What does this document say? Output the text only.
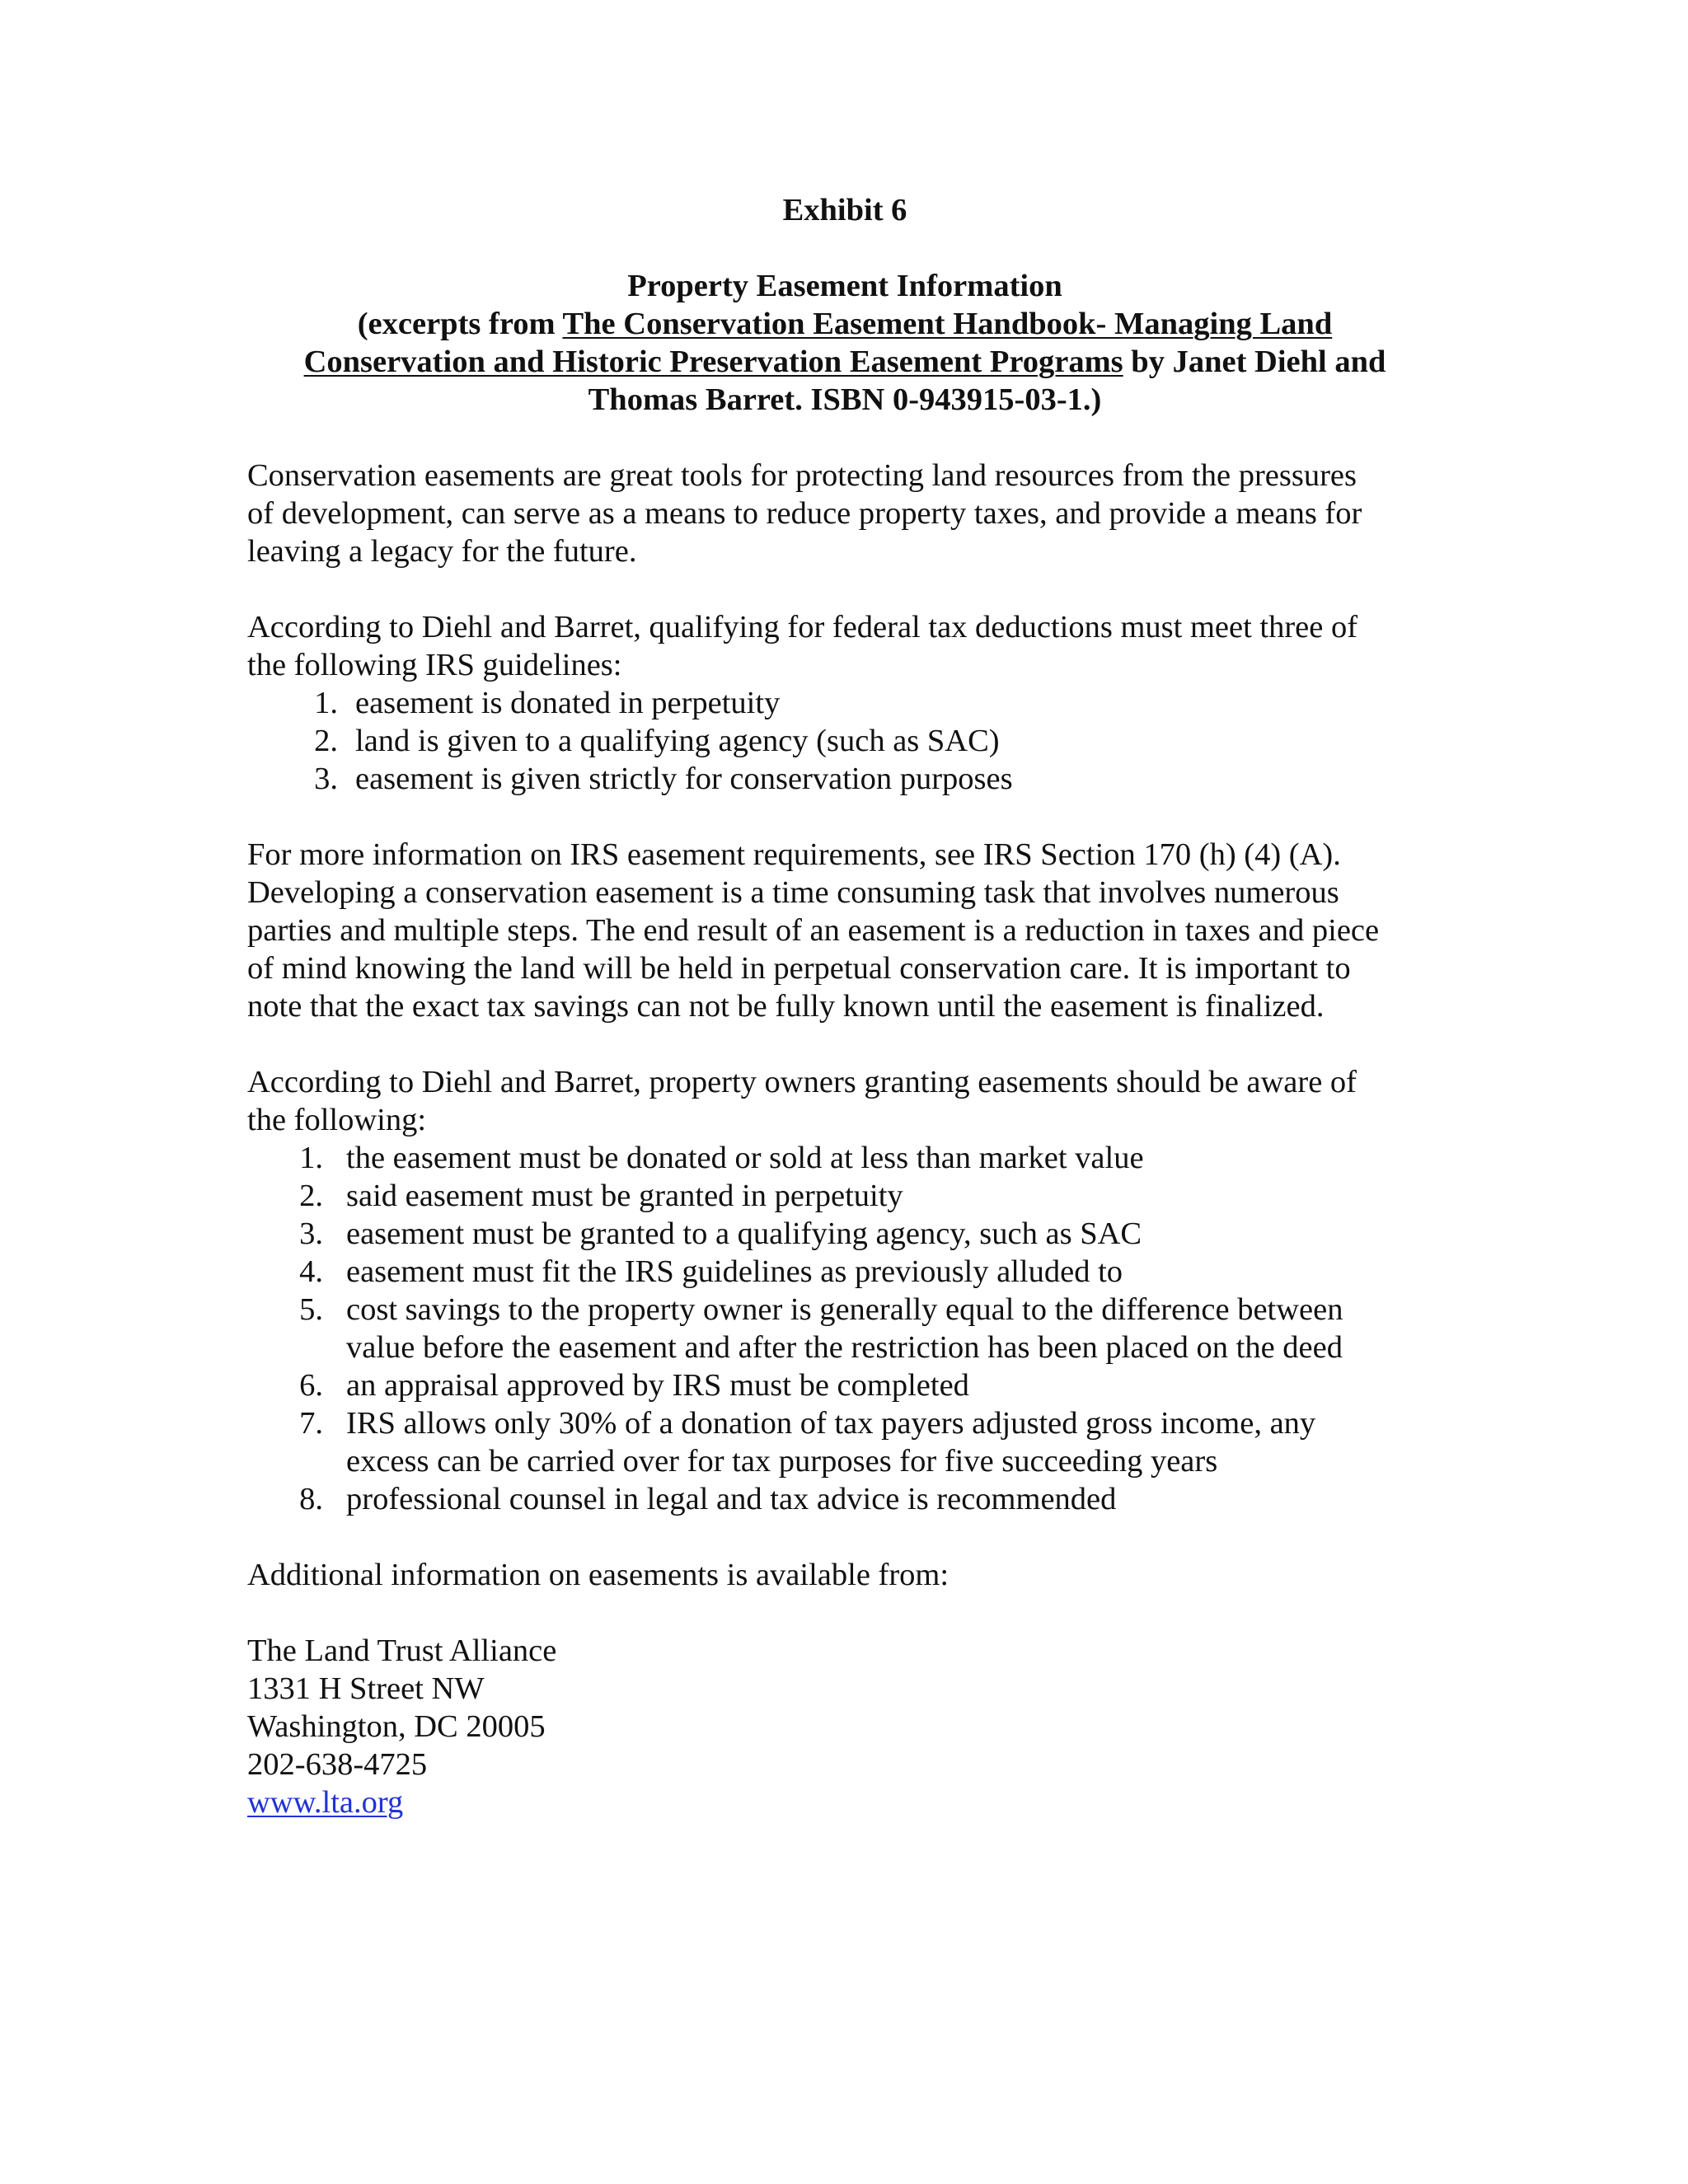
Exhibit 6
Property Easement Information
(excerpts from The Conservation Easement Handbook- Managing Land
Conservation and Historic Preservation Easement Programs by Janet Diehl and
Thomas Barret. ISBN 0-943915-03-1.)

Conservation easements are great tools for protecting land resources from the pressures

of development, can serve as a means to reduce property taxes, and provide a means for

leaving a legacy for the future.

According to Diehl and Barret, qualifying for federal tax deductions must meet three of

the following IRS guidelines:

1. easement is donated in perpetuity
2. land is given to a qualifying agency (such as SAC)
3. easement is given strictly for conservation purposes

For more information on IRS easement requirements, see IRS Section 170 (h) (4) (A).

Developing a conservation easement is a time consuming task that involves numerous

parties and multiple steps. The end result of an easement is a reduction in taxes and piece

of mind knowing the land will be held in perpetual conservation care. It is important to

note that the exact tax savings can not be fully known until the easement is finalized.

According to Diehl and Barret, property owners granting easements should be aware of

the following:

1. the easement must be donated or sold at less than market value
2. said easement must be granted in perpetuity
3. easement must be granted to a qualifying agency, such as SAC
4. easement must fit the IRS guidelines as previously alluded to
5. cost savings to the property owner is generally equal to the difference between
value before the easement and after the restriction has been placed on the deed
6. an appraisal approved by IRS must be completed
7. IRS allows only 30% of a donation of tax payers adjusted gross income, any
excess can be carried over for tax purposes for five succeeding years
8. professional counsel in legal and tax advice is recommended

Additional information on easements is available from:

The Land Trust Alliance

1331 H Street NW

Washington, DC 20005

202-638-4725

www.lta.org
